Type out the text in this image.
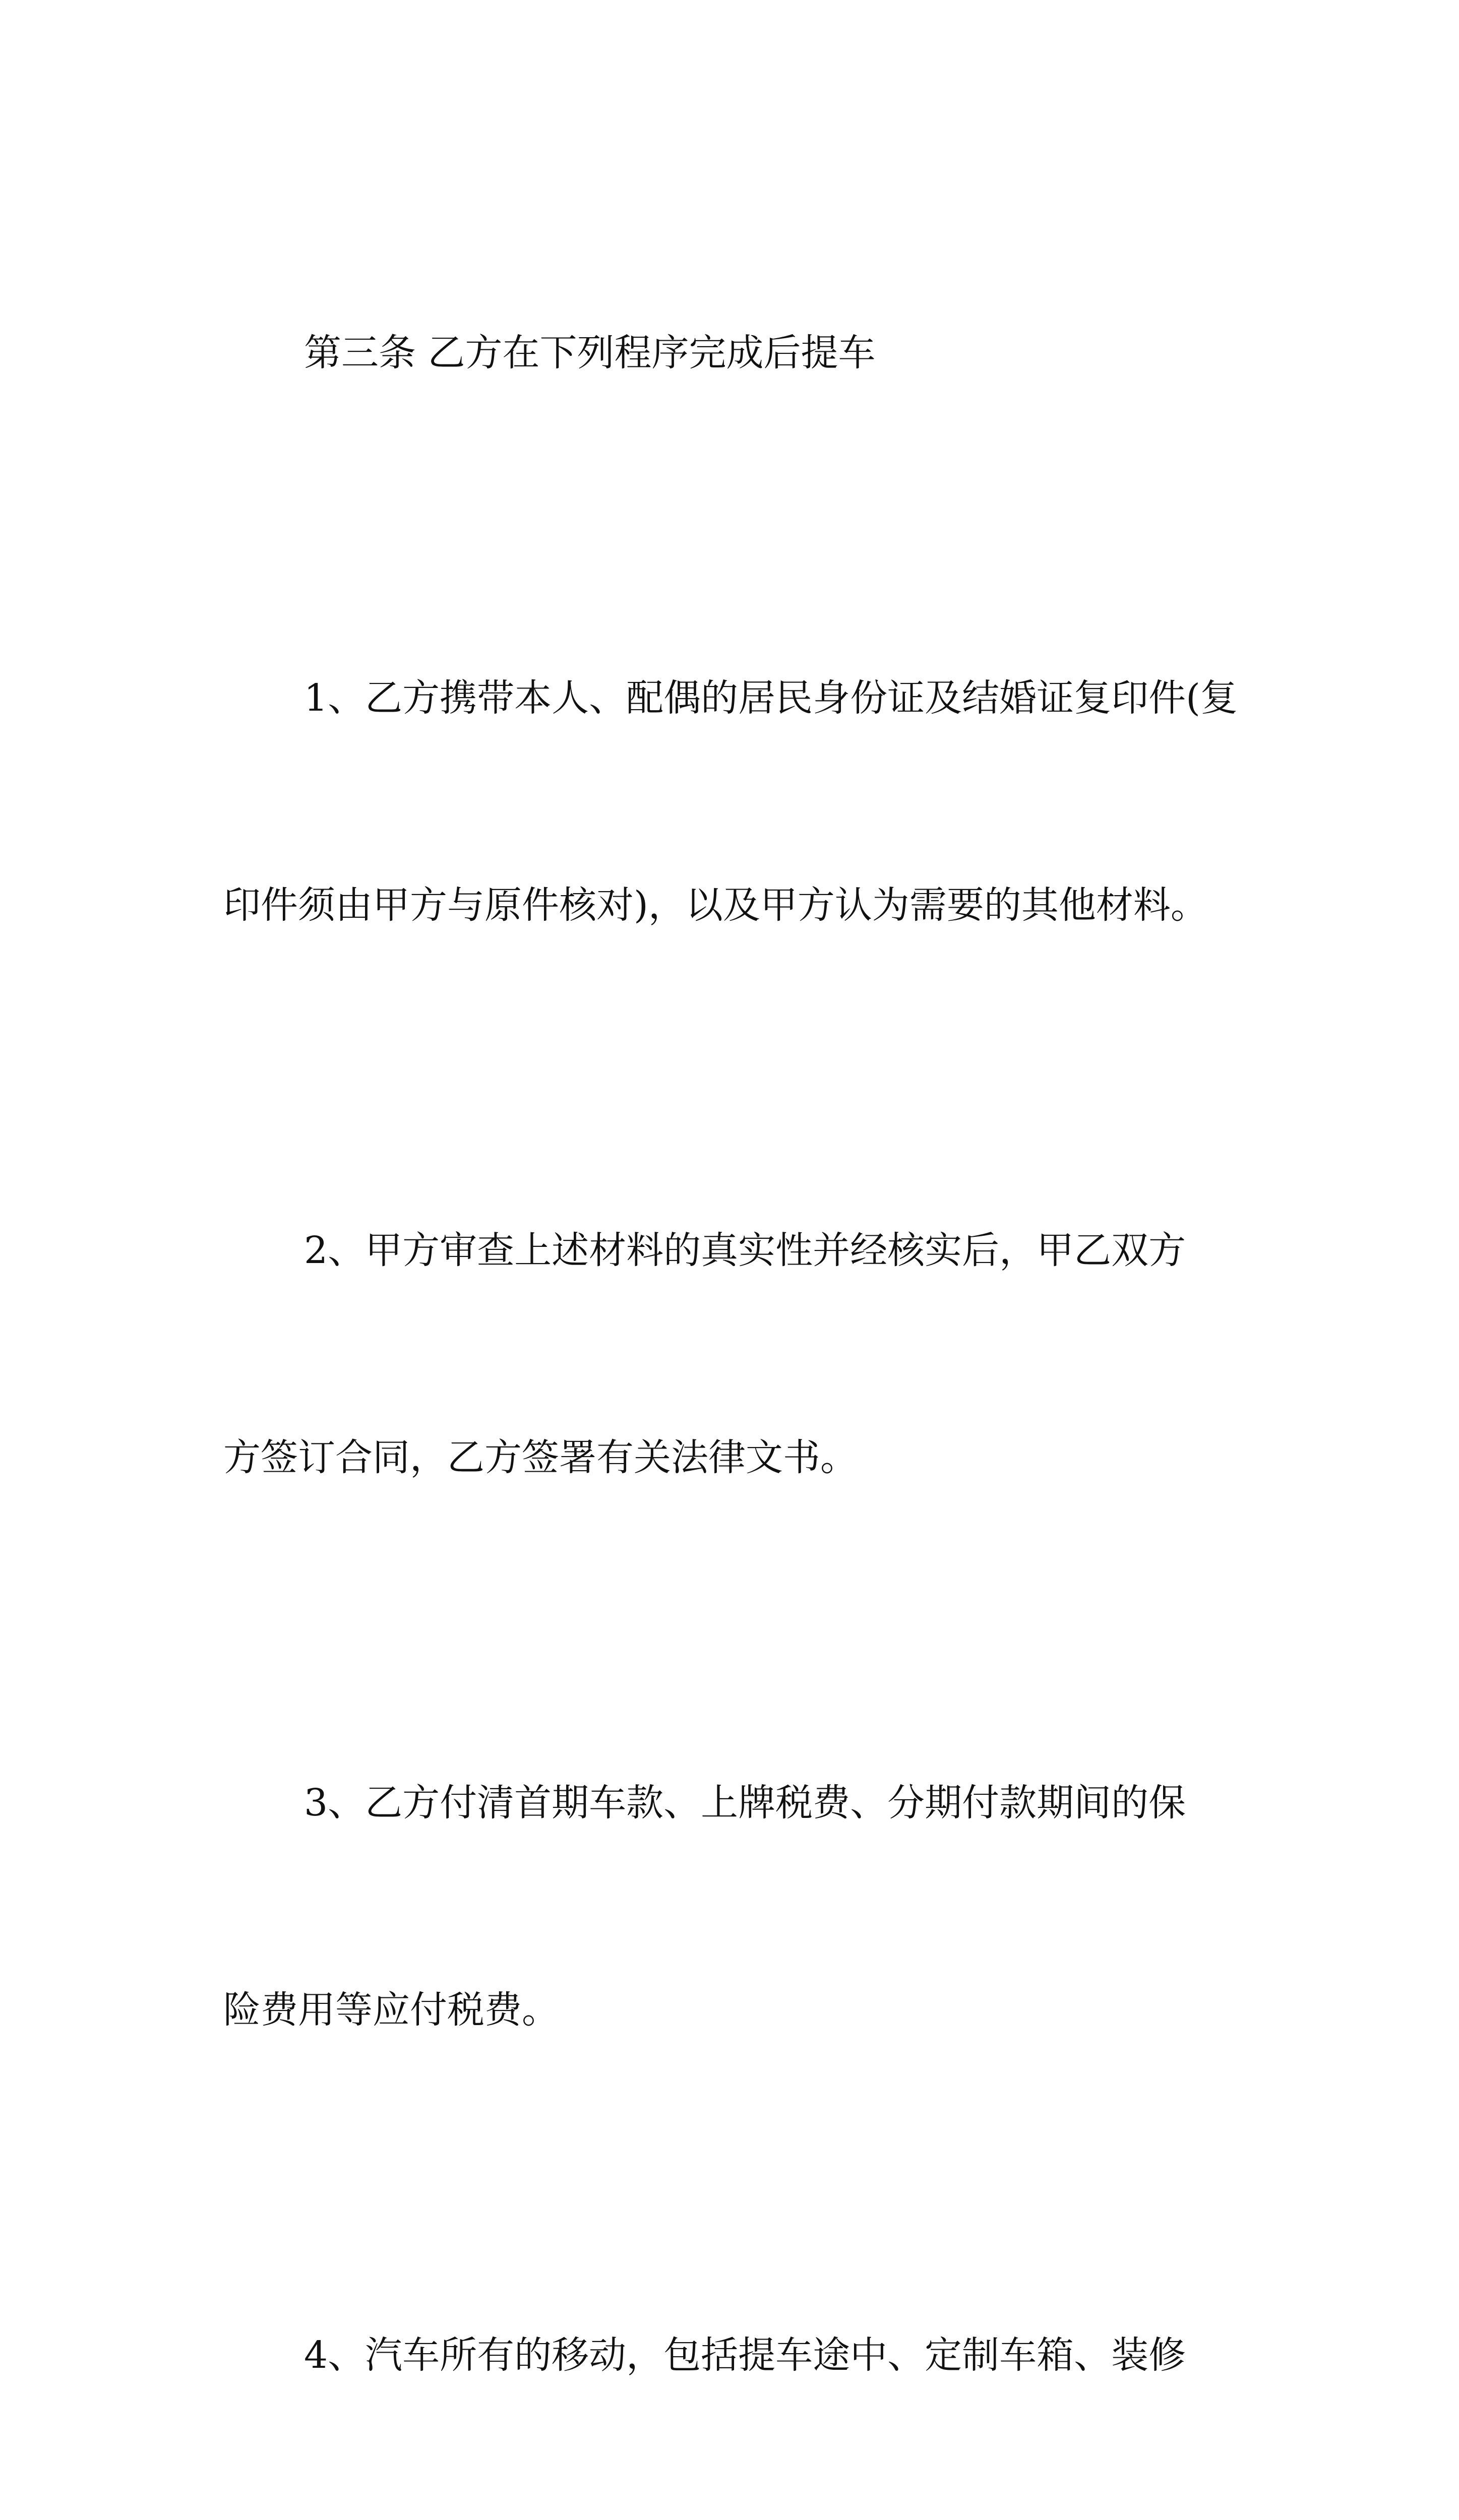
第三条 乙方在下列程序完成后提车

1、乙方携带本人、配偶的居民身份证及结婚证复印件(复

印件须由甲方与原件核对)，以及甲方认为需要的其他材料。

2、甲方审查上述材料的真实性并经核实后，甲乙双方

方签订合同，乙方签署有关法律文书。

3、乙方付清首期车款、上牌税费、分期付款期间的保

险费用等应付税费。

4、汽车所有的移动，包括提车途中、定制车箱、装修
